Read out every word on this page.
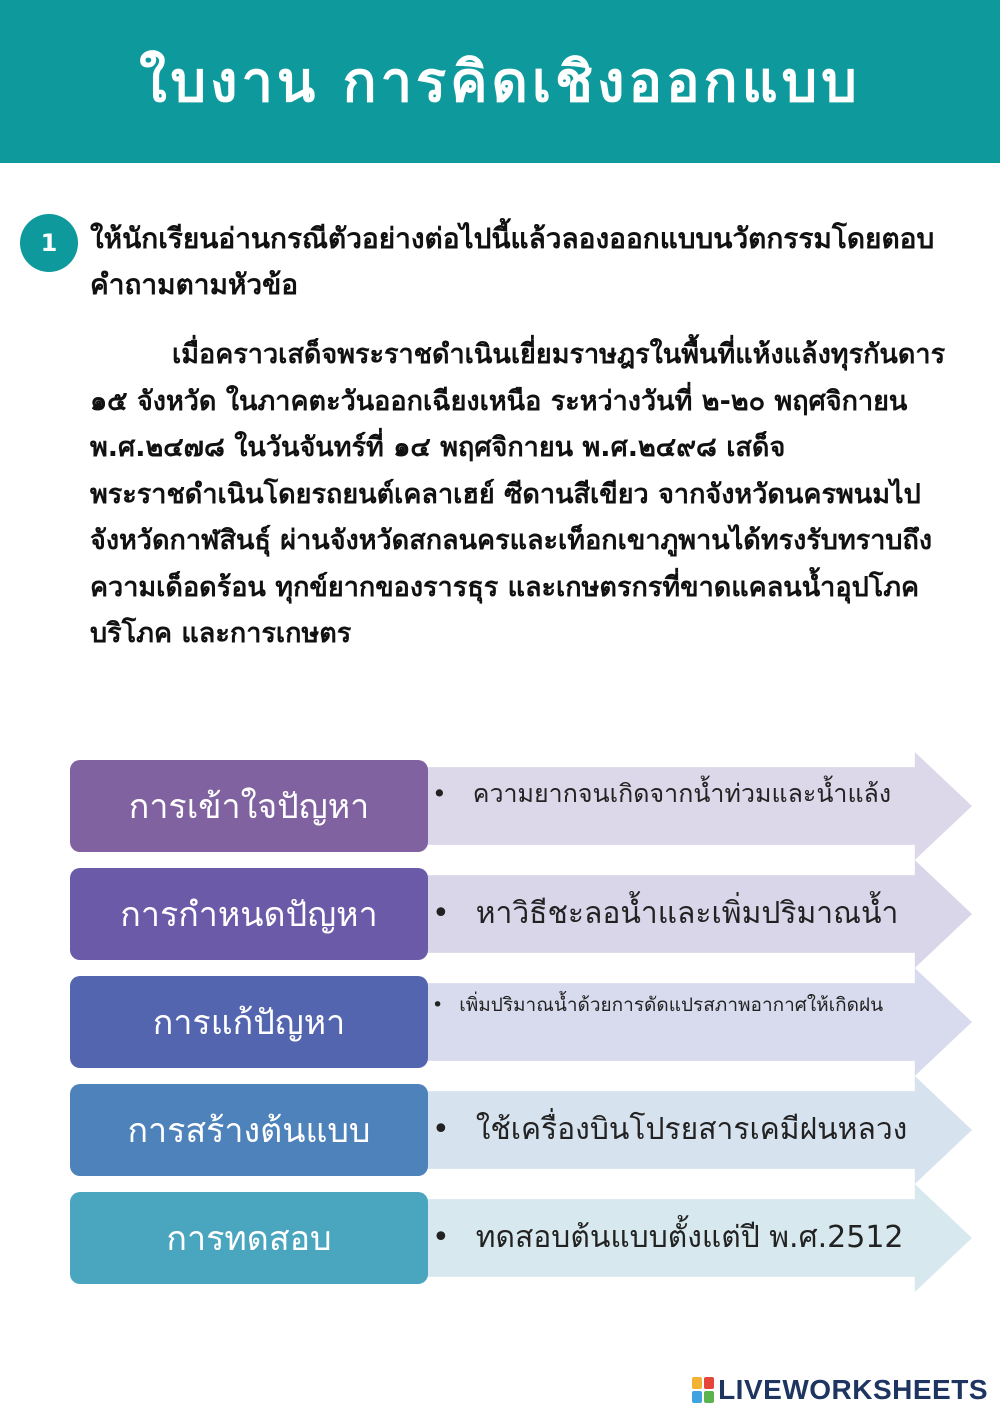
ใบงาน การคิดเชิงออกแบบ
1	ให้นักเรียนอ่านกรณีตัวอย่างต่อไปนี้แล้วลองออกแบบนวัตกรรมโดยตอบคำถามตามหัวข้อ

เมื่อคราวเสด็จพระราชดำเนินเยี่ยมราษฎรในพื้นที่แห้งแล้งทุรกันดาร ๑๕ จังหวัด ในภาคตะวันออกเฉียงเหนือ ระหว่างวันที่ ๒-๒๐ พฤศจิกายน พ.ศ.๒๔๗๘ ในวันจันทร์ที่ ๑๔ พฤศจิกายน พ.ศ.๒๔๙๘ เสด็จพระราชดำเนินโดยรถยนต์เคลาเฮย์ ซีดานสีเขียว จากจังหวัดนครพนมไปจังหวัดกาฬสินธุ์ ผ่านจังหวัดสกลนครและเท็อกเขาภูพานได้ทรงรับทราบถึงความเด็อดร้อน ทุกข์ยากของรารธุร และเกษตรกรที่ขาดแคลนน้ำอุปโภคบริโภค และการเกษตร

การเข้าใจปัญหา	• ความยากจนเกิดจากน้ำท่วมและน้ำแล้ง
การกำหนดปัญหา	• หาวิธีชะลอน้ำและเพิ่มปริมาณน้ำ
การแก้ปัญหา	• เพิ่มปริมาณน้ำด้วยการดัดแปรสภาพอากาศให้เกิดฝน
การสร้างต้นแบบ	• ใช้เครื่องบินโปรยสารเคมีฝนหลวง
การทดสอบ	• ทดสอบต้นแบบตั้งแต่ปี พ.ศ.2512
LIVEWORKSHEETS
